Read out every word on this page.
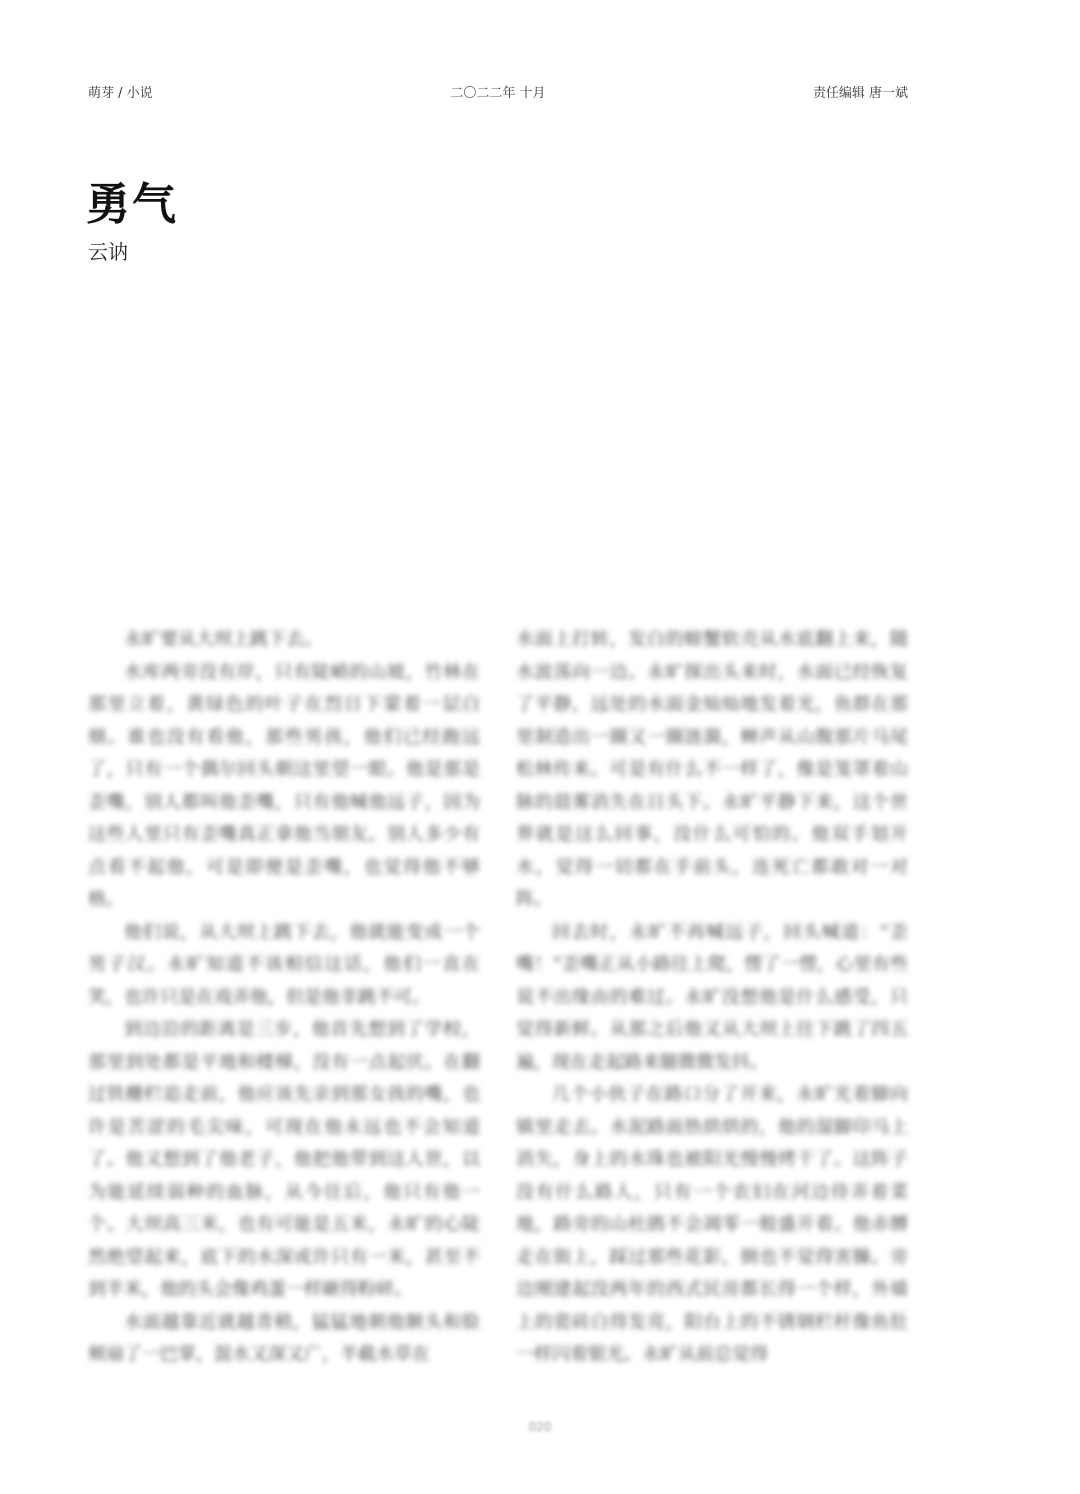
萌芽 / 小说	二〇二二年 十月	责任编辑 唐一斌
勇气
云讷

永旷要从大坝上跳下去。

水库两旁没有岸，只有陡峭的山坡，竹林在那里立着，黄绿色的叶子在烈日下蒙着一层白烟。谁也没有看他，那些男孩，他们已经跑远了，只有一个偶尔回头朝这里望一眼。他是那是歪嘴，别人都叫他歪嘴，只有他喊他远子，因为这些人里只有歪嘴真正拿他当朋友。别人多少有点看不起他，可是即便是歪嘴，也觉得他不够格。

他们说，从大坝上跳下去，他就能变成一个男子汉。永旷知道不该相信这话，他们一直在笑，也许只是在戏弄他，但是他非跳不可。

到边沿的距离是三步，他首先想到了学校，那里到处都是平地和楼梯，没有一点起伏。在翻过铁栅栏追走前，他应该先亲到那女孩的嘴，也许是苦涩的毛尖味，可现在他永远也不会知道了。他又想到了他老子，他把他带到这人世，以为能延续弱种的血脉，从今往后，他只有他一个。大坝高三米，也有可能是五米，永旷的心陡然绝望起来，底下的水深或许只有一米，甚至不到半米，他的头会像鸡蛋一样砸得粉碎。

水面越靠近就越青稍，猛猛地朝他额头和脸颊扇了一巴掌，混水又深又广，半截水草在

水面上打转，发白的螃蟹软壳从水底翻上来，随水波荡向一边。永旷探出头来时，水面已经恢复了平静，远处的水面金灿灿地发着光，鱼群在那里制造出一圈又一圈涟漪，蝉声从山腹那片马尾松林传来。可是有什么不一样了，像是笼罩着山脉的晨雾消失在日头下。永旷平静下来，这个世界就是这么回事，没什么可怕的。他双手划开水，觉得一切都在手前头，连死亡都敢对一对阵。

回去时，永旷不再喊远子，回头喊道：“歪嘴！”歪嘴正从小路往上爬，愣了一愣，心里有些说不出缘由的难过。永旷没想他是什么感受，只觉得新鲜。从那之后他又从大坝上往下跳了四五遍，现在走起路来腿微微发抖。

几个小伙子在路口分了开来，永旷光着脚向镇里走去。水泥路面热烘烘的，他的湿脚印马上消失，身上的水珠也被阳光慢慢烤干了。这阵子没有什么路人，只有一个农妇在河边侍弄着菜地，路旁的山杜鹃不会凋零一般盛开着。他赤膊走在街上，踩过那些花影，倒也不觉得害臊。旁边刚建起没两年的西式民房都长得一个样，外墙上的瓷砖白得发亮，阳台上的不锈钢栏杆像鱼肚一样闪着银光。永旷从前总觉得

020
